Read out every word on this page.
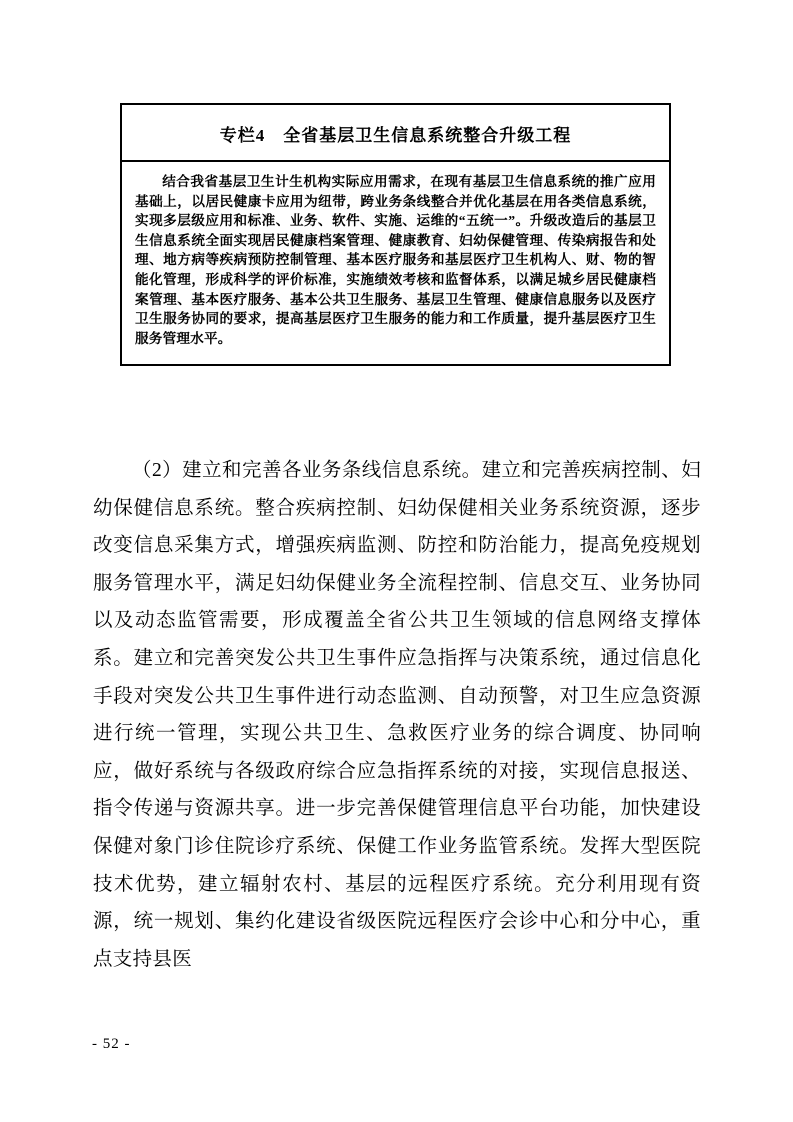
专栏4　全省基层卫生信息系统整合升级工程
结合我省基层卫生计生机构实际应用需求，在现有基层卫生信息系统的推广应用基础上，以居民健康卡应用为纽带，跨业务条线整合并优化基层在用各类信息系统，实现多层级应用和标准、业务、软件、实施、运维的“五统一”。升级改造后的基层卫生信息系统全面实现居民健康档案管理、健康教育、妇幼保健管理、传染病报告和处理、地方病等疾病预防控制管理、基本医疗服务和基层医疗卫生机构人、财、物的智能化管理，形成科学的评价标准，实施绩效考核和监督体系，以满足城乡居民健康档案管理、基本医疗服务、基本公共卫生服务、基层卫生管理、健康信息服务以及医疗卫生服务协同的要求，提高基层医疗卫生服务的能力和工作质量，提升基层医疗卫生服务管理水平。

（2）建立和完善各业务条线信息系统。建立和完善疾病控制、妇幼保健信息系统。整合疾病控制、妇幼保健相关业务系统资源，逐步改变信息采集方式，增强疾病监测、防控和防治能力，提高免疫规划服务管理水平，满足妇幼保健业务全流程控制、信息交互、业务协同以及动态监管需要，形成覆盖全省公共卫生领域的信息网络支撑体系。建立和完善突发公共卫生事件应急指挥与决策系统，通过信息化手段对突发公共卫生事件进行动态监测、自动预警，对卫生应急资源进行统一管理，实现公共卫生、急救医疗业务的综合调度、协同响应，做好系统与各级政府综合应急指挥系统的对接，实现信息报送、指令传递与资源共享。进一步完善保健管理信息平台功能，加快建设保健对象门诊住院诊疗系统、保健工作业务监管系统。发挥大型医院技术优势，建立辐射农村、基层的远程医疗系统。充分利用现有资源，统一规划、集约化建设省级医院远程医疗会诊中心和分中心，重点支持县医

- 52 -
